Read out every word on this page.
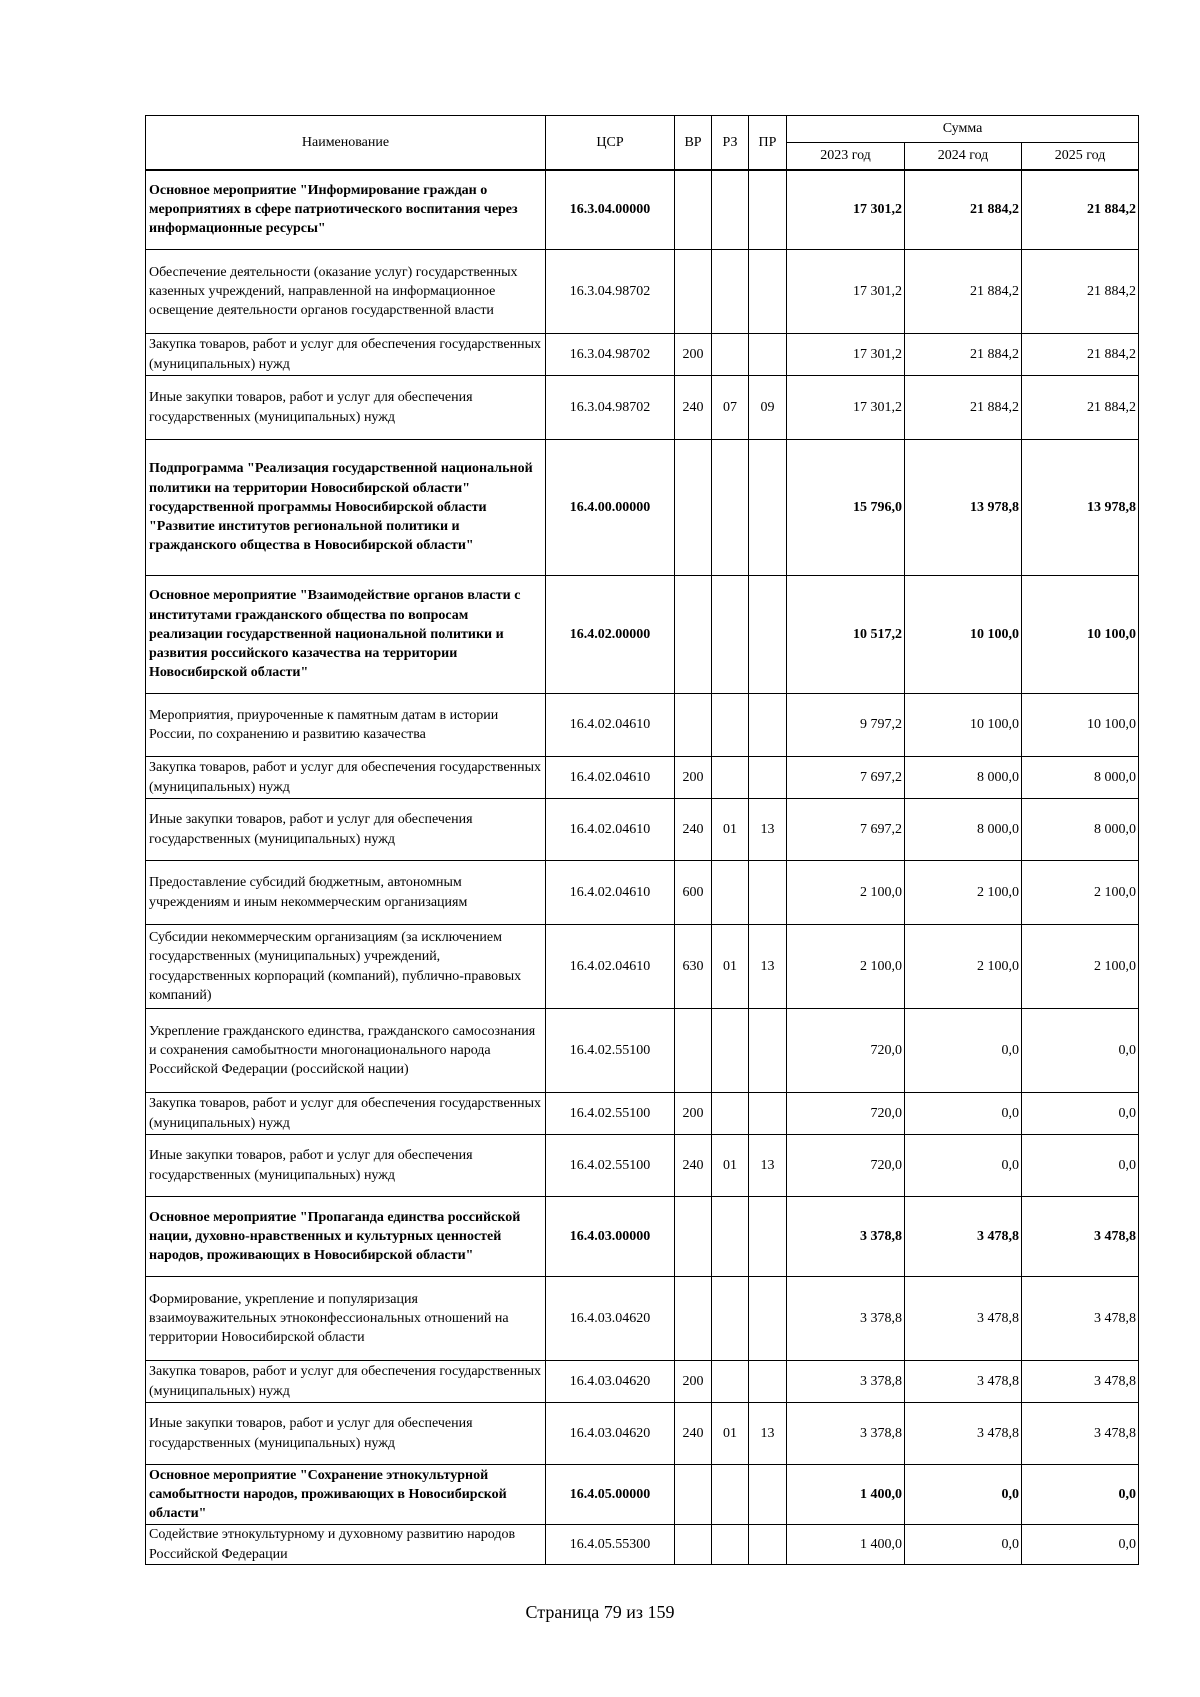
Наименование	ЦСР	ВР	РЗ	ПР	Сумма		
					2023 год	2024 год	2025 год
Основное мероприятие "Информирование граждан о мероприятиях в сфере патриотического воспитания через информационные ресурсы"	16.3.04.00000				17 301,2	21 884,2	21 884,2
Обеспечение деятельности (оказание услуг) государственных казенных учреждений, направленной на информационное освещение деятельности органов государственной власти	16.3.04.98702				17 301,2	21 884,2	21 884,2
Закупка товаров, работ и услуг для обеспечения государственных (муниципальных) нужд	16.3.04.98702	200			17 301,2	21 884,2	21 884,2
Иные закупки товаров, работ и услуг для обеспечения государственных (муниципальных) нужд	16.3.04.98702	240	07	09	17 301,2	21 884,2	21 884,2
Подпрограмма "Реализация государственной национальной политики на территории Новосибирской области" государственной программы Новосибирской области "Развитие институтов региональной политики и гражданского общества в Новосибирской области"	16.4.00.00000				15 796,0	13 978,8	13 978,8
Основное мероприятие "Взаимодействие органов власти с институтами гражданского общества по вопросам реализации государственной национальной политики и развития российского казачества на территории Новосибирской области"	16.4.02.00000				10 517,2	10 100,0	10 100,0
Мероприятия, приуроченные к памятным датам в истории России, по сохранению и развитию казачества	16.4.02.04610				9 797,2	10 100,0	10 100,0
Закупка товаров, работ и услуг для обеспечения государственных (муниципальных) нужд	16.4.02.04610	200			7 697,2	8 000,0	8 000,0
Иные закупки товаров, работ и услуг для обеспечения государственных (муниципальных) нужд	16.4.02.04610	240	01	13	7 697,2	8 000,0	8 000,0
Предоставление субсидий бюджетным, автономным учреждениям и иным некоммерческим организациям	16.4.02.04610	600			2 100,0	2 100,0	2 100,0
Субсидии некоммерческим организациям (за исключением государственных (муниципальных) учреждений, государственных корпораций (компаний), публично-правовых компаний)	16.4.02.04610	630	01	13	2 100,0	2 100,0	2 100,0
Укрепление гражданского единства, гражданского самосознания и сохранения самобытности многонационального народа Российской Федерации (российской нации)	16.4.02.55100				720,0	0,0	0,0
Закупка товаров, работ и услуг для обеспечения государственных (муниципальных) нужд	16.4.02.55100	200			720,0	0,0	0,0
Иные закупки товаров, работ и услуг для обеспечения государственных (муниципальных) нужд	16.4.02.55100	240	01	13	720,0	0,0	0,0
Основное мероприятие "Пропаганда единства российской нации, духовно-нравственных и культурных ценностей народов, проживающих в Новосибирской области"	16.4.03.00000				3 378,8	3 478,8	3 478,8
Формирование, укрепление и популяризация взаимоуважительных этноконфессиональных отношений на территории Новосибирской области	16.4.03.04620				3 378,8	3 478,8	3 478,8
Закупка товаров, работ и услуг для обеспечения государственных (муниципальных) нужд	16.4.03.04620	200			3 378,8	3 478,8	3 478,8
Иные закупки товаров, работ и услуг для обеспечения государственных (муниципальных) нужд	16.4.03.04620	240	01	13	3 378,8	3 478,8	3 478,8
Основное мероприятие "Сохранение этнокультурной самобытности народов, проживающих в Новосибирской области"	16.4.05.00000				1 400,0	0,0	0,0
Содействие этнокультурному и духовному развитию народов Российской Федерации	16.4.05.55300				1 400,0	0,0	0,0
Страница 79 из 159
